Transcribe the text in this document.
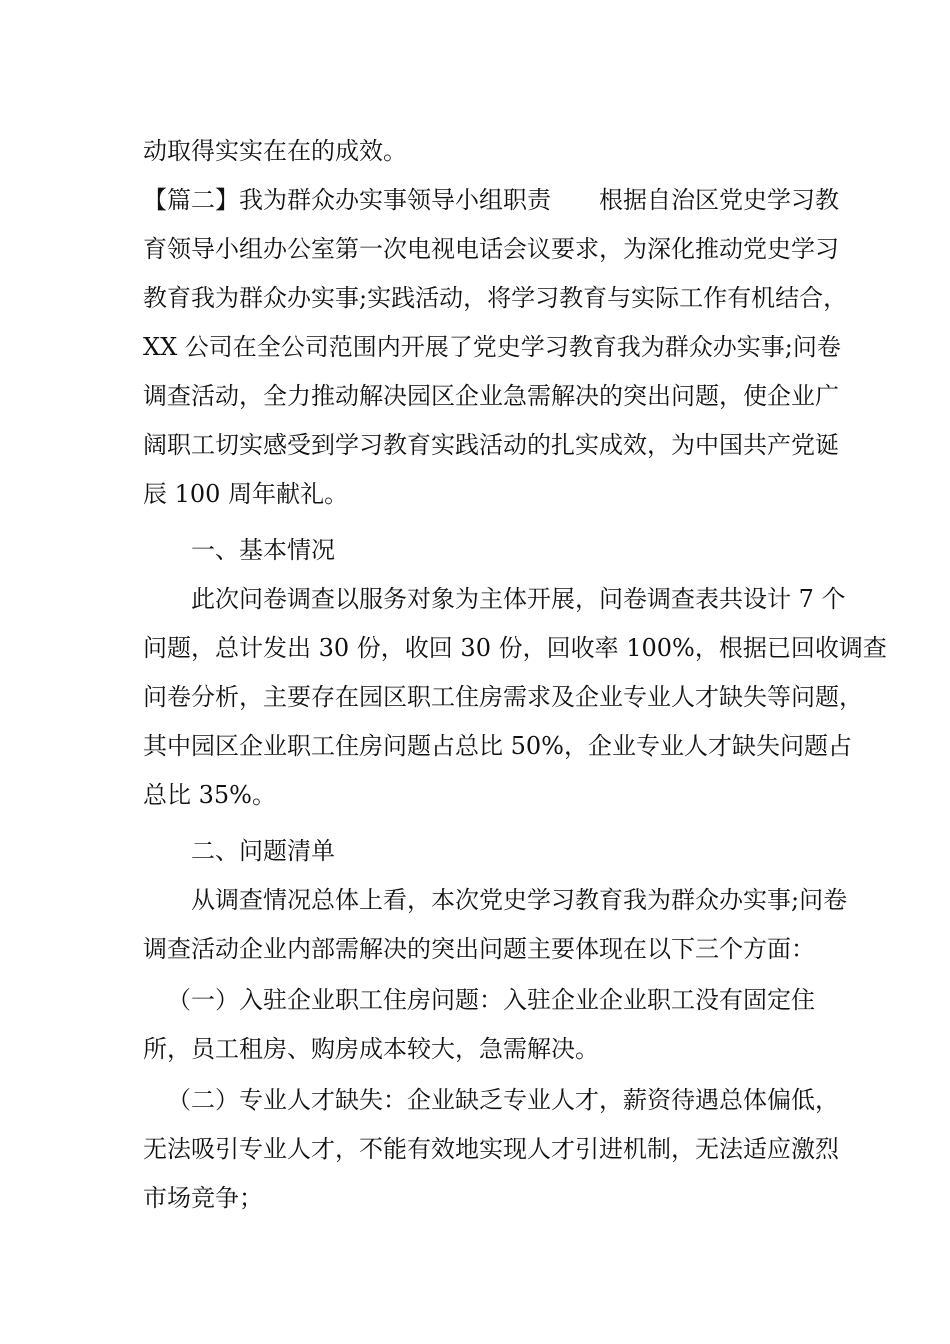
动取得实实在在的成效。
【篇二】我为群众办实事领导小组职责　　根据自治区党史学习教
育领导小组办公室第一次电视电话会议要求，为深化推动党史学习
教育我为群众办实事;实践活动，将学习教育与实际工作有机结合，
XX 公司在全公司范围内开展了党史学习教育我为群众办实事;问卷
调查活动，全力推动解决园区企业急需解决的突出问题，使企业广
阔职工切实感受到学习教育实践活动的扎实成效，为中国共产党诞
辰 100 周年献礼。
一、基本情况
此次问卷调查以服务对象为主体开展，问卷调查表共设计 7 个
问题，总计发出 30 份，收回 30 份，回收率 100%，根据已回收调查
问卷分析，主要存在园区职工住房需求及企业专业人才缺失等问题，
其中园区企业职工住房问题占总比 50%，企业专业人才缺失问题占
总比 35%。
二、问题清单
从调查情况总体上看，本次党史学习教育我为群众办实事;问卷
调查活动企业内部需解决的突出问题主要体现在以下三个方面：
（一）入驻企业职工住房问题：入驻企业企业职工没有固定住
所，员工租房、购房成本较大，急需解决。
（二）专业人才缺失：企业缺乏专业人才，薪资待遇总体偏低，
无法吸引专业人才，不能有效地实现人才引进机制，无法适应激烈
市场竞争；
